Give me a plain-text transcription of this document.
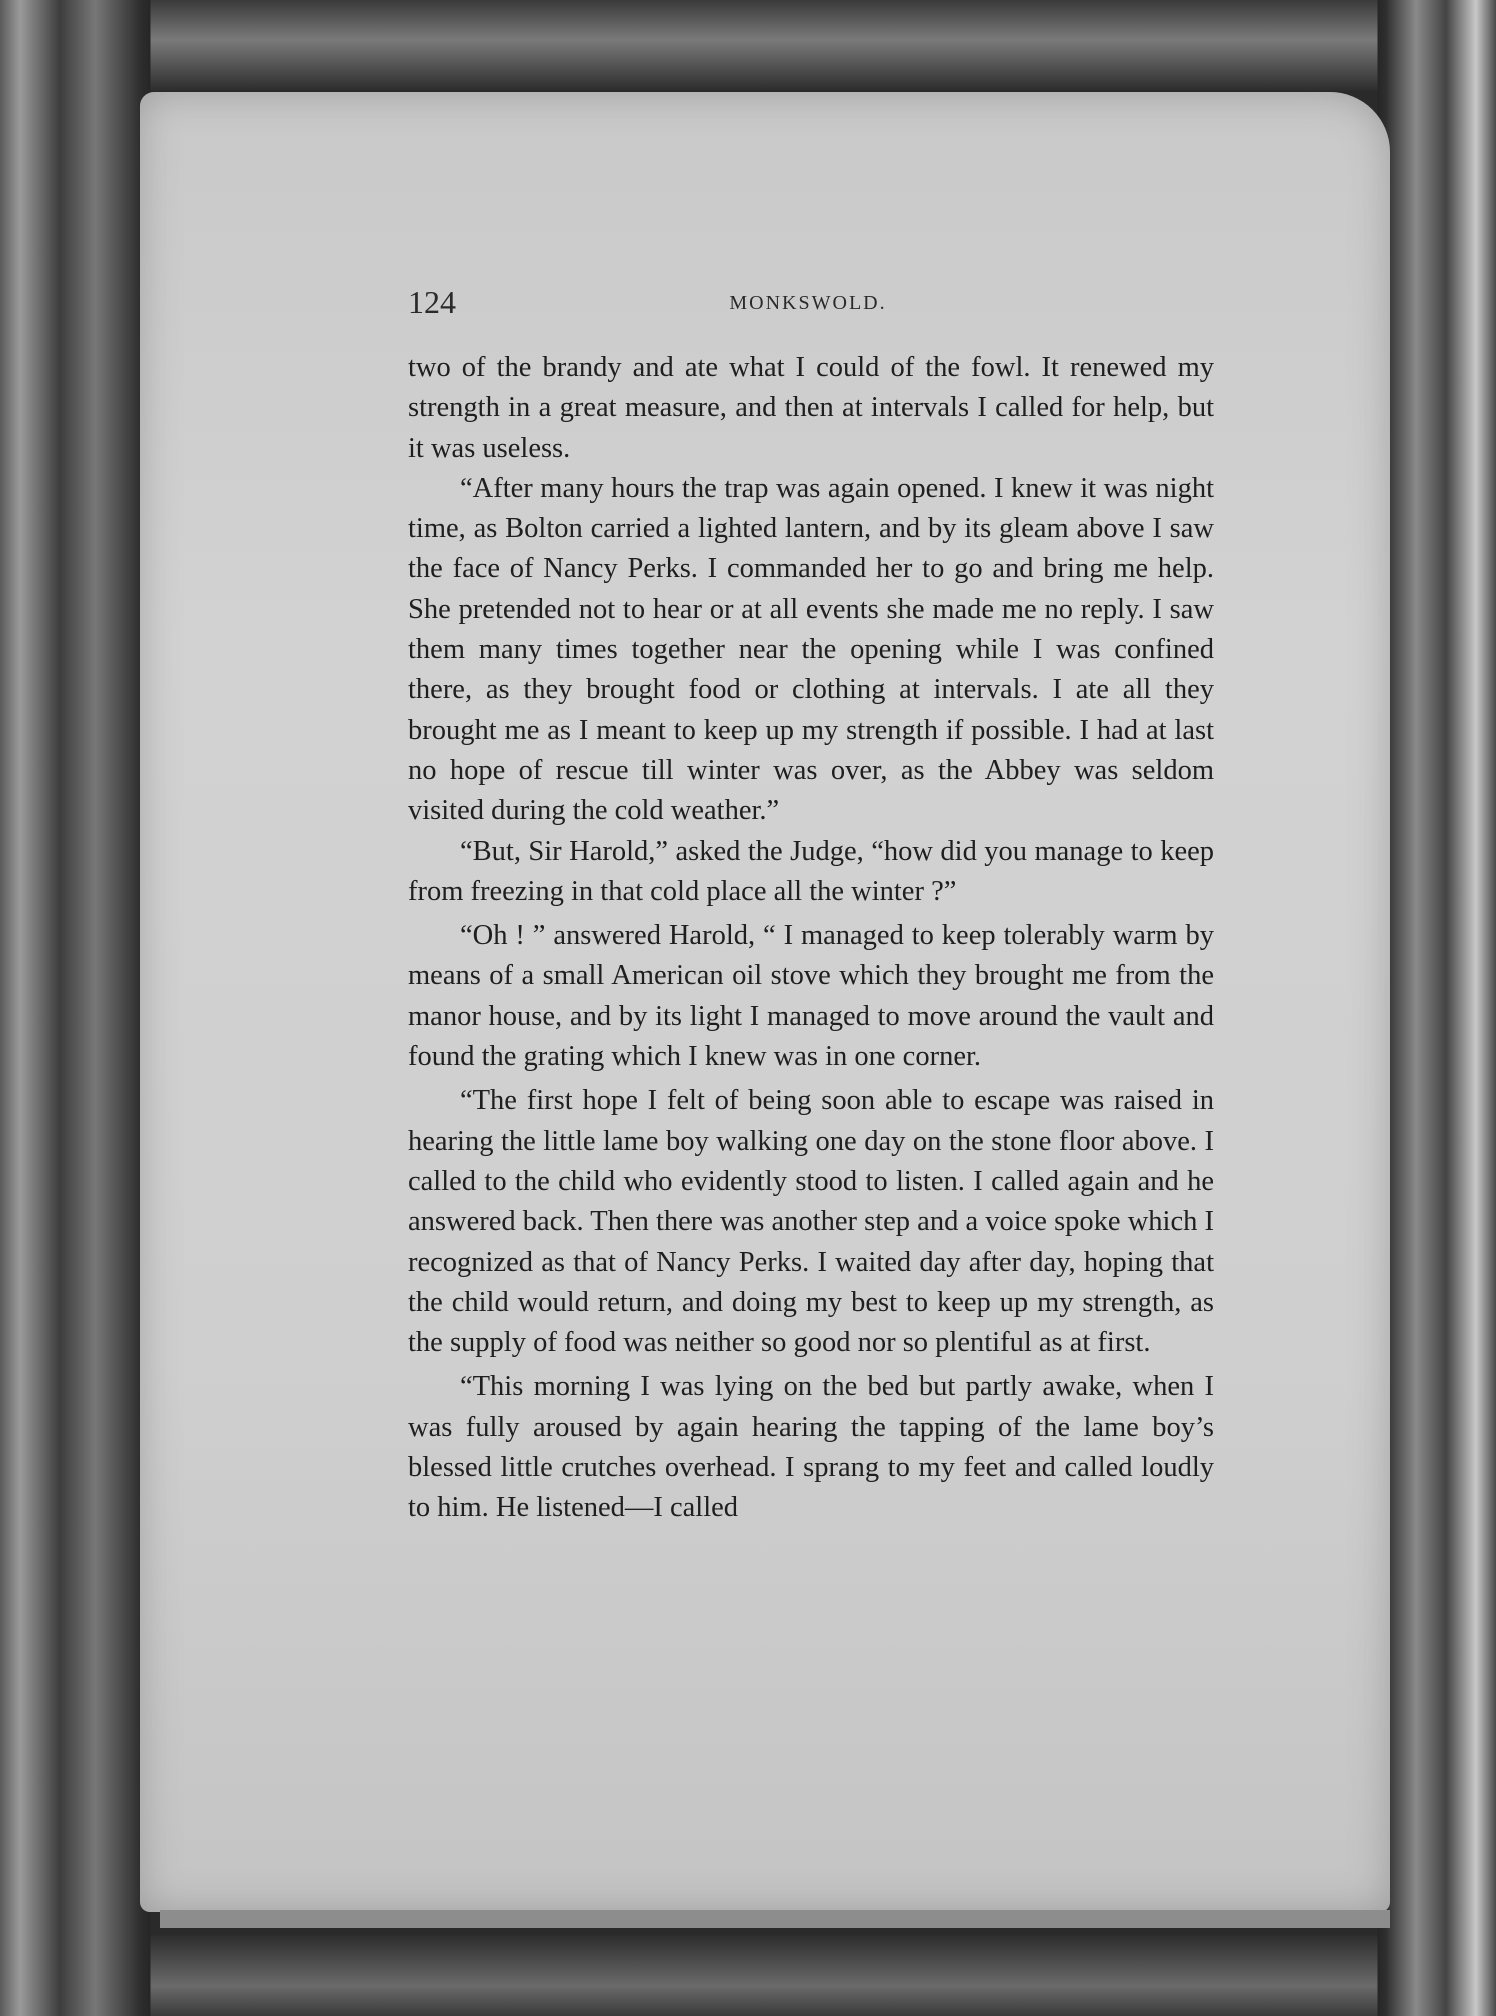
124	MONKSWOLD.

two of the brandy and ate what I could of the fowl. It renewed my strength in a great measure, and then at intervals I called for help, but it was useless.

“After many hours the trap was again opened. I knew it was night time, as Bolton carried a lighted lantern, and by its gleam above I saw the face of Nancy Perks. I commanded her to go and bring me help. She pretended not to hear or at all events she made me no reply. I saw them many times together near the opening while I was confined there, as they brought food or clothing at intervals. I ate all they brought me as I meant to keep up my strength if possible. I had at last no hope of rescue till winter was over, as the Abbey was seldom visited during the cold weather.”

“But, Sir Harold,” asked the Judge, “how did you manage to keep from freezing in that cold place all the winter ?”

“Oh ! ” answered Harold, “ I managed to keep tolerably warm by means of a small American oil stove which they brought me from the manor house, and by its light I managed to move around the vault and found the grating which I knew was in one corner.

“The first hope I felt of being soon able to escape was raised in hearing the little lame boy walking one day on the stone floor above. I called to the child who evidently stood to listen. I called again and he answered back. Then there was another step and a voice spoke which I recognized as that of Nancy Perks. I waited day after day, hoping that the child would return, and doing my best to keep up my strength, as the supply of food was neither so good nor so plentiful as at first.

“This morning I was lying on the bed but partly awake, when I was fully aroused by again hearing the tapping of the lame boy’s blessed little crutches overhead. I sprang to my feet and called loudly to him. He listened—I called
